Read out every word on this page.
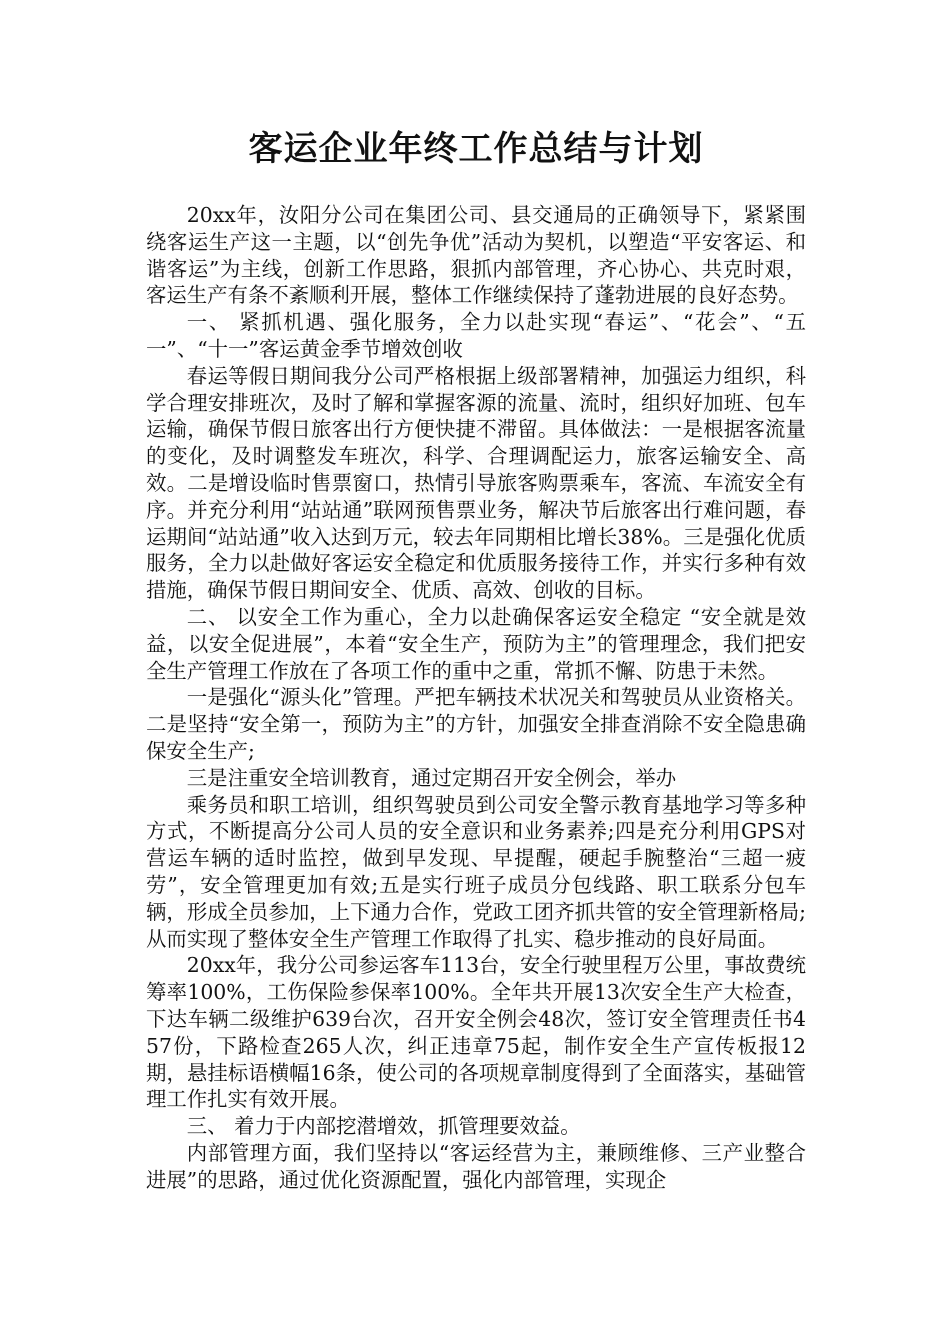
客运企业年终工作总结与计划

20xx年，汝阳分公司在集团公司、县交通局的正确领导下，紧紧围绕客运生产这一主题，以“创先争优”活动为契机，以塑造“平安客运、和谐客运”为主线，创新工作思路，狠抓内部管理，齐心协心、共克时艰，客运生产有条不紊顺利开展，整体工作继续保持了蓬勃进展的良好态势。

一、 紧抓机遇、强化服务，全力以赴实现“春运”、“花会”、“五一”、“十一”客运黄金季节增效创收

春运等假日期间我分公司严格根据上级部署精神，加强运力组织，科学合理安排班次，及时了解和掌握客源的流量、流时，组织好加班、包车运输，确保节假日旅客出行方便快捷不滞留。具体做法：一是根据客流量的变化，及时调整发车班次，科学、合理调配运力，旅客运输安全、高效。二是增设临时售票窗口，热情引导旅客购票乘车，客流、车流安全有序。并充分利用“站站通”联网预售票业务，解决节后旅客出行难问题，春运期间“站站通”收入达到万元，较去年同期相比增长38%。三是强化优质服务，全力以赴做好客运安全稳定和优质服务接待工作，并实行多种有效措施，确保节假日期间安全、优质、高效、创收的目标。

二、 以安全工作为重心，全力以赴确保客运安全稳定 “安全就是效益，以安全促进展”，本着“安全生产，预防为主”的管理理念，我们把安全生产管理工作放在了各项工作的重中之重，常抓不懈、防患于未然。

一是强化“源头化”管理。严把车辆技术状况关和驾驶员从业资格关。二是坚持“安全第一，预防为主”的方针，加强安全排查消除不安全隐患确保安全生产;

三是注重安全培训教育，通过定期召开安全例会，举办

乘务员和职工培训，组织驾驶员到公司安全警示教育基地学习等多种方式，不断提高分公司人员的安全意识和业务素养;四是充分利用GPS对营运车辆的适时监控，做到早发现、早提醒，硬起手腕整治“三超一疲劳”，安全管理更加有效;五是实行班子成员分包线路、职工联系分包车辆，形成全员参加，上下通力合作，党政工团齐抓共管的安全管理新格局;从而实现了整体安全生产管理工作取得了扎实、稳步推动的良好局面。

20xx年，我分公司参运客车113台，安全行驶里程万公里，事故费统筹率100%，工伤保险参保率100%。全年共开展13次安全生产大检查，下达车辆二级维护639台次，召开安全例会48次，签订安全管理责任书457份，下路检查265人次，纠正违章75起，制作安全生产宣传板报12期，悬挂标语横幅16条，使公司的各项规章制度得到了全面落实，基础管理工作扎实有效开展。

三、 着力于内部挖潜增效，抓管理要效益。

内部管理方面，我们坚持以“客运经营为主，兼顾维修、三产业整合进展”的思路，通过优化资源配置，强化内部管理，实现企
